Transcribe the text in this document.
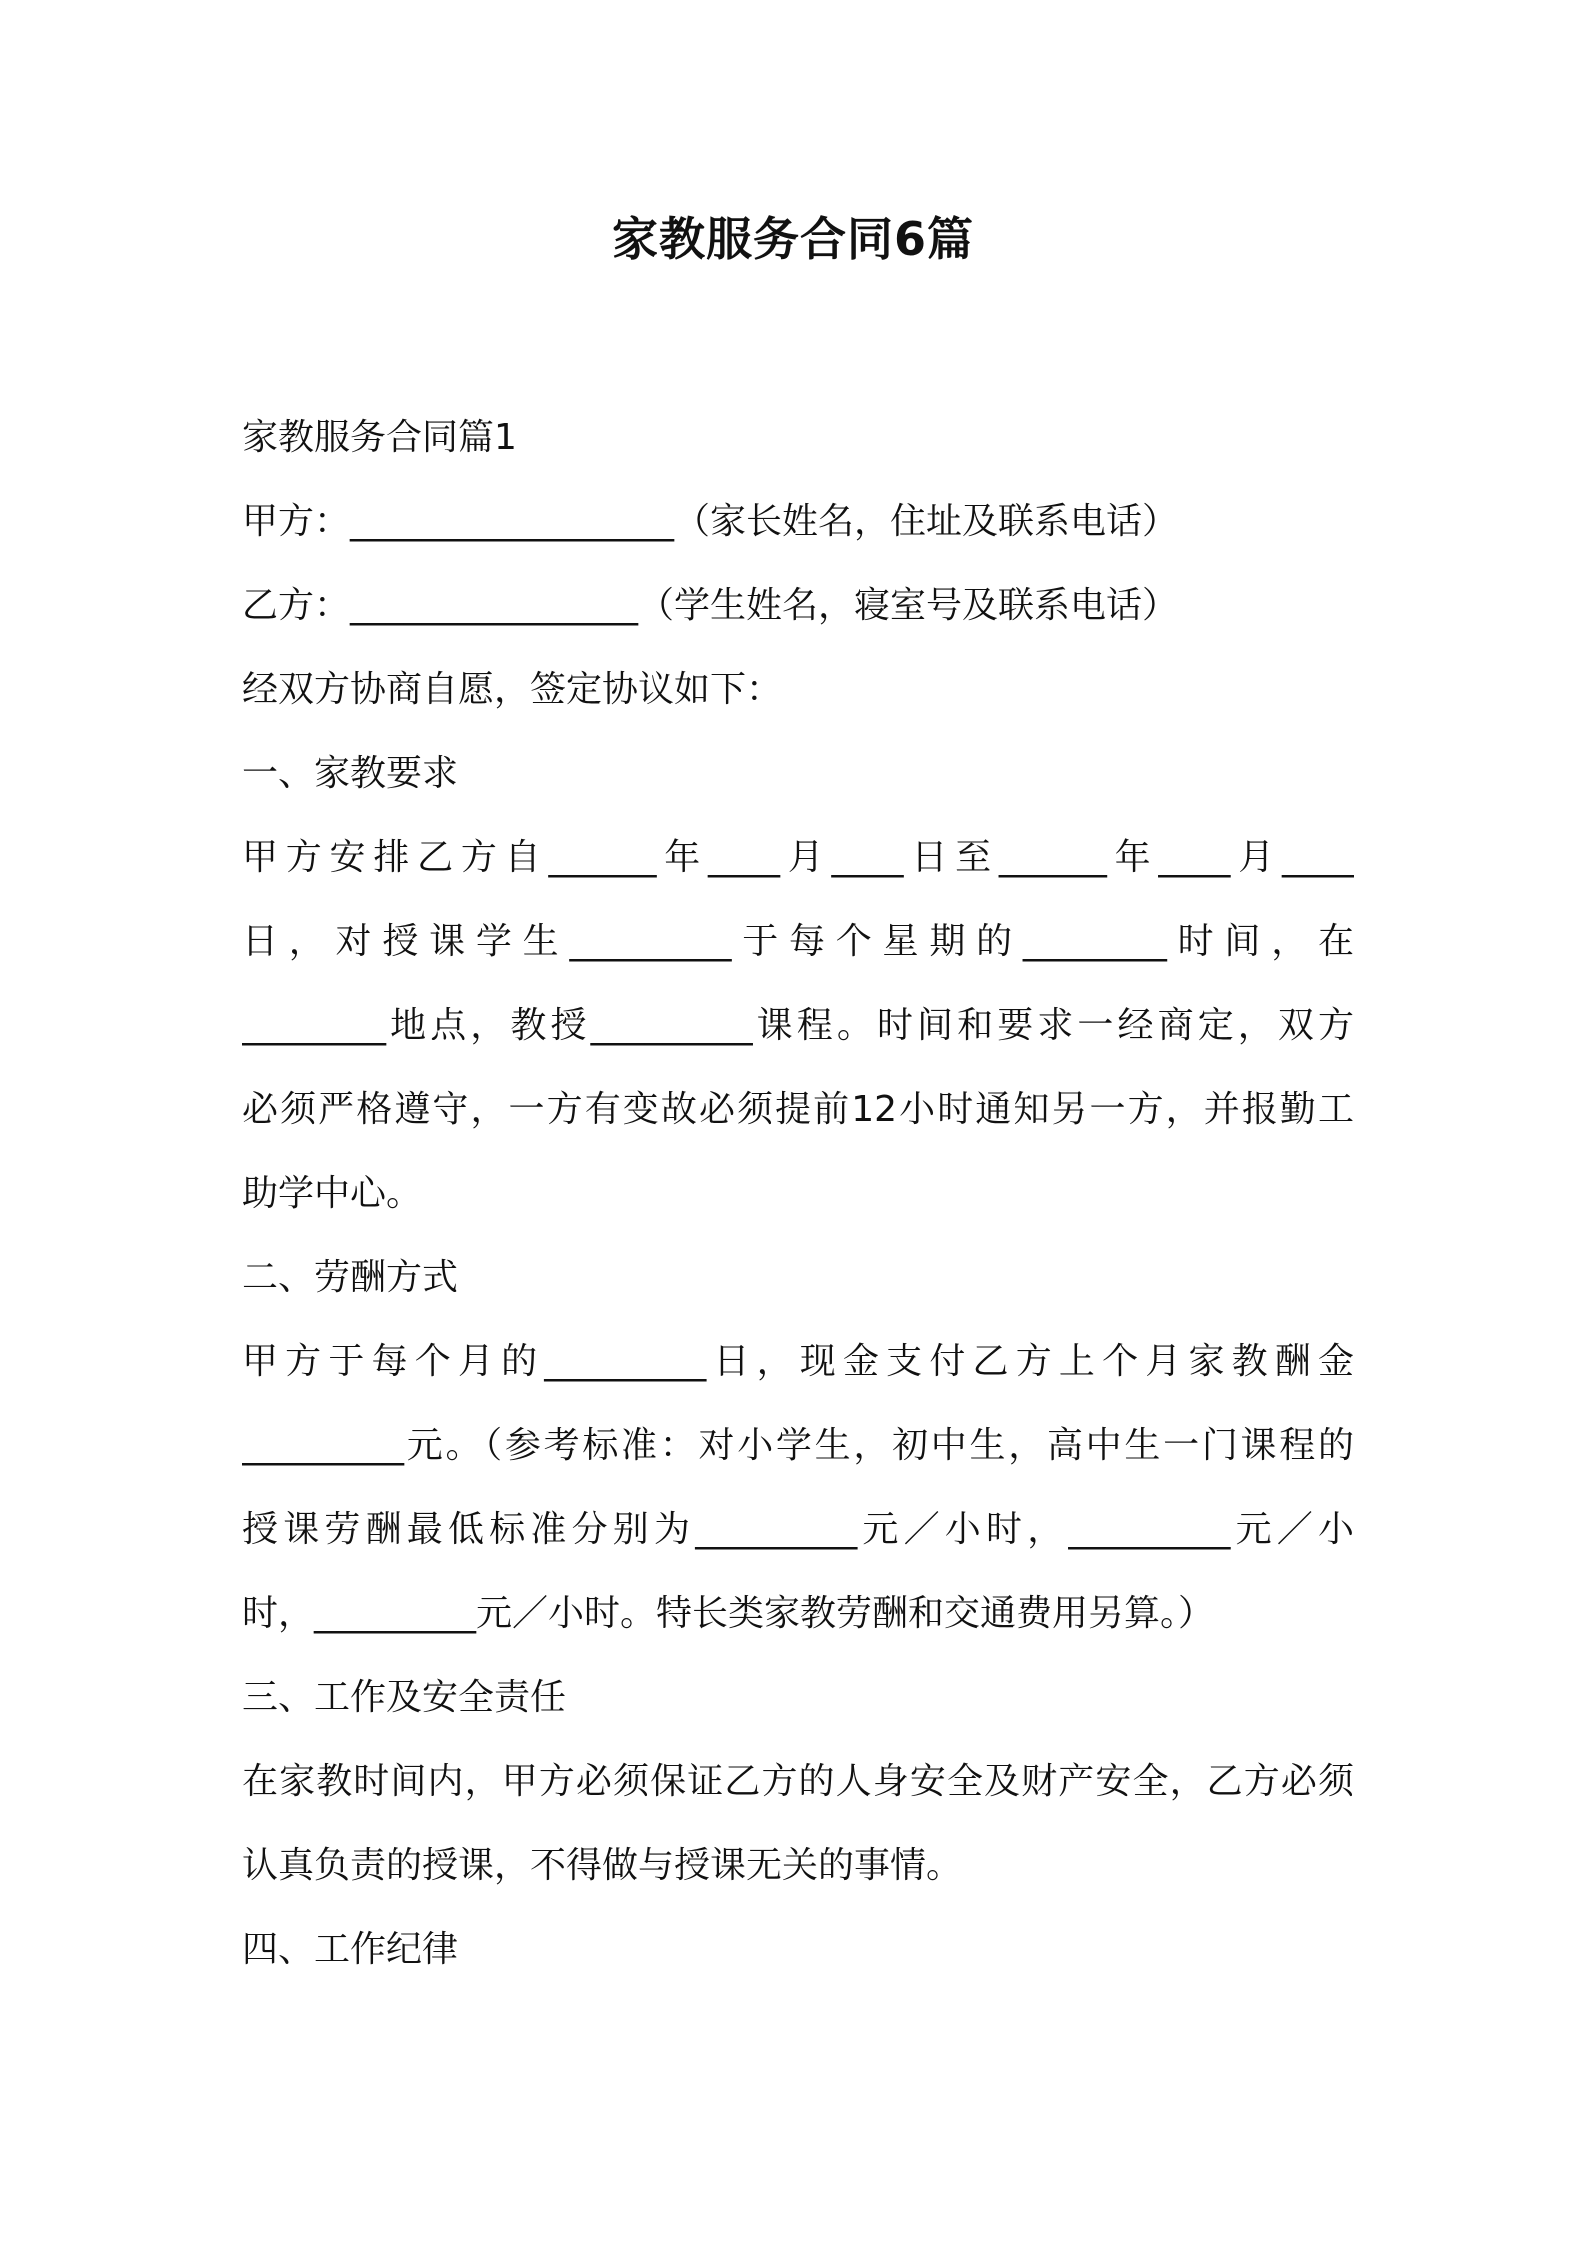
家教服务合同6篇

家教服务合同篇1

甲方：__________________（家长姓名，住址及联系电话）

乙方：________________（学生姓名，寝室号及联系电话）

经双方协商自愿，签定协议如下：

一、家教要求

甲方安排乙方自______年____月____日至______年____月____

日，对授课学生_________于每个星期的________时间，在

________地点，教授_________课程。时间和要求一经商定，双方

必须严格遵守，一方有变故必须提前12小时通知另一方，并报勤工

助学中心。

二、劳酬方式

甲方于每个月的_________日，现金支付乙方上个月家教酬金

_________元。（参考标准：对小学生，初中生，高中生一门课程的

授课劳酬最低标准分别为_________元／小时，_________元／小

时，_________元／小时。特长类家教劳酬和交通费用另算。）

三、工作及安全责任

在家教时间内，甲方必须保证乙方的人身安全及财产安全，乙方必须

认真负责的授课，不得做与授课无关的事情。

四、工作纪律
